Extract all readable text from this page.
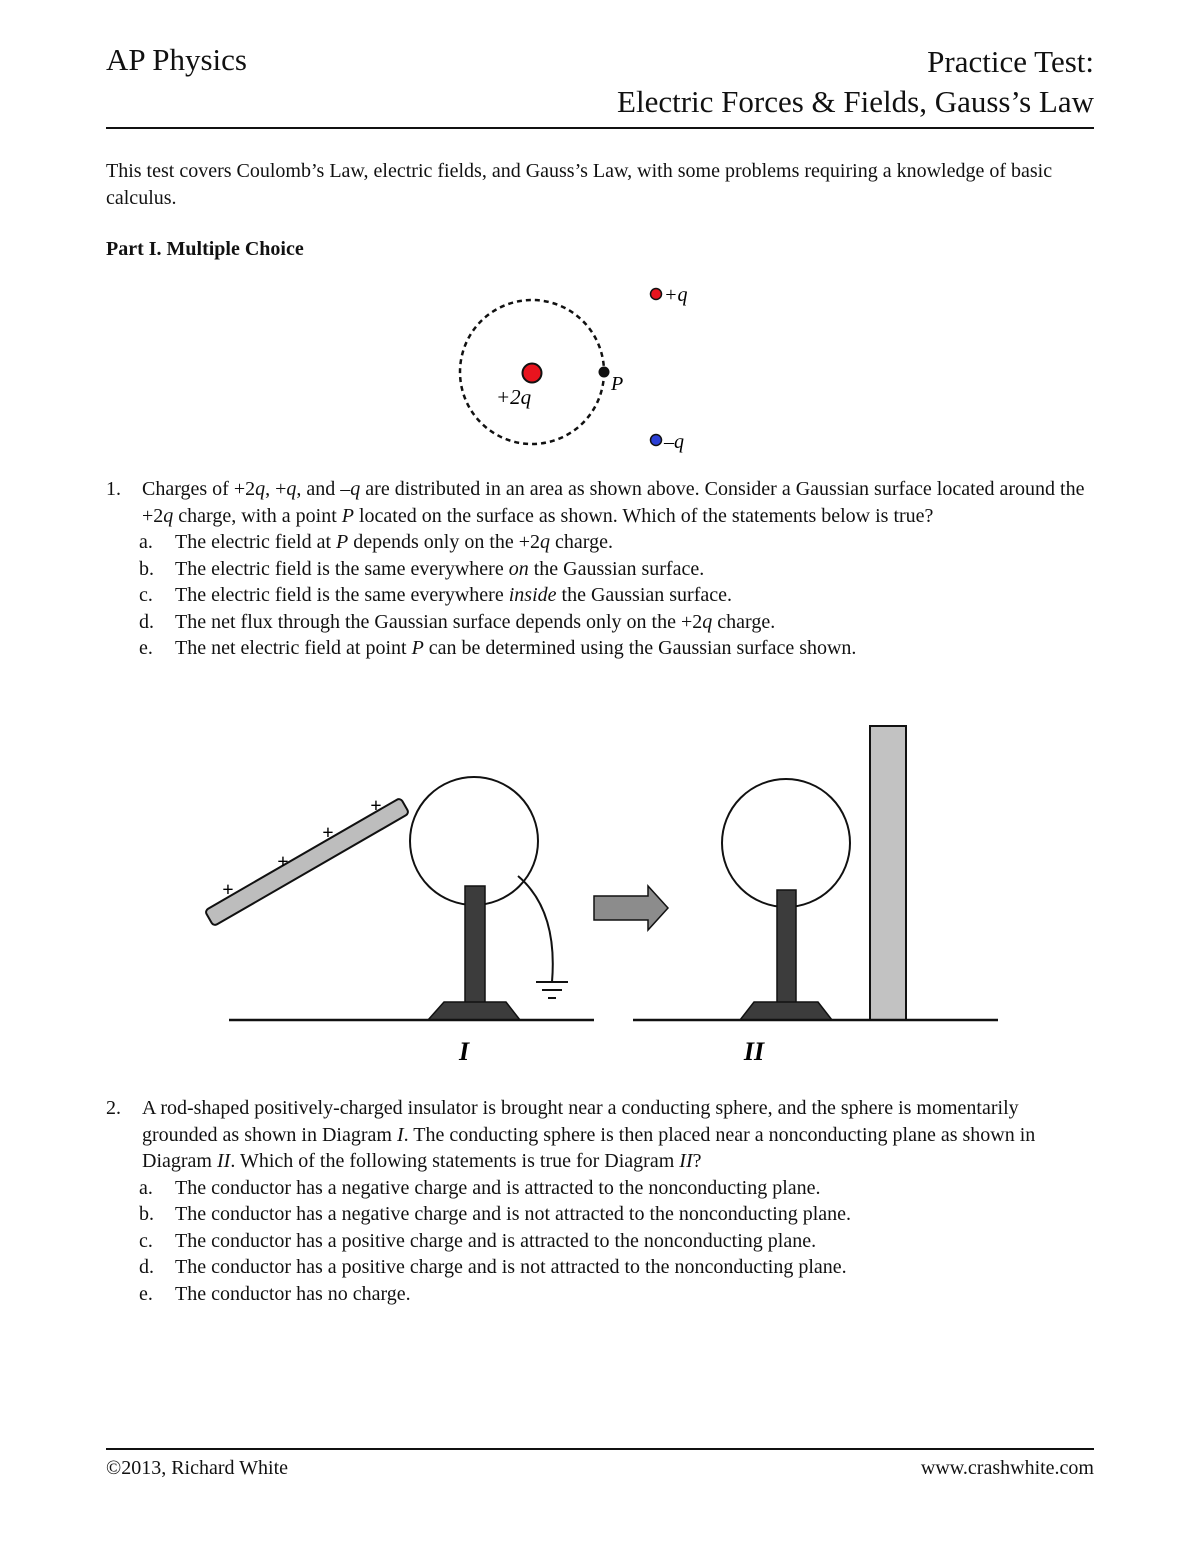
AP Physics	Practice Test:
Electric Forces & Fields, Gauss’s Law
This test covers Coulomb’s Law, electric fields, and Gauss’s Law, with some problems requiring a knowledge of basic calculus.
Part I. Multiple Choice
+2q
P
+q
–q
1. Charges of +2q, +q, and –q are distributed in an area as shown above. Consider a Gaussian surface located around the +2q charge, with a point P located on the surface as shown. Which of the statements below is true?
a. The electric field at P depends only on the +2q charge.
b. The electric field is the same everywhere on the Gaussian surface.
c. The electric field is the same everywhere inside the Gaussian surface.
d. The net flux through the Gaussian surface depends only on the +2q charge.
e. The net electric field at point P can be determined using the Gaussian surface shown.
+
+
+
+
I	II
2. A rod-shaped positively-charged insulator is brought near a conducting sphere, and the sphere is momentarily grounded as shown in Diagram I. The conducting sphere is then placed near a nonconducting plane as shown in Diagram II. Which of the following statements is true for Diagram II?
a. The conductor has a negative charge and is attracted to the nonconducting plane.
b. The conductor has a negative charge and is not attracted to the nonconducting plane.
c. The conductor has a positive charge and is attracted to the nonconducting plane.
d. The conductor has a positive charge and is not attracted to the nonconducting plane.
e. The conductor has no charge.
©2013, Richard White	www.crashwhite.com
